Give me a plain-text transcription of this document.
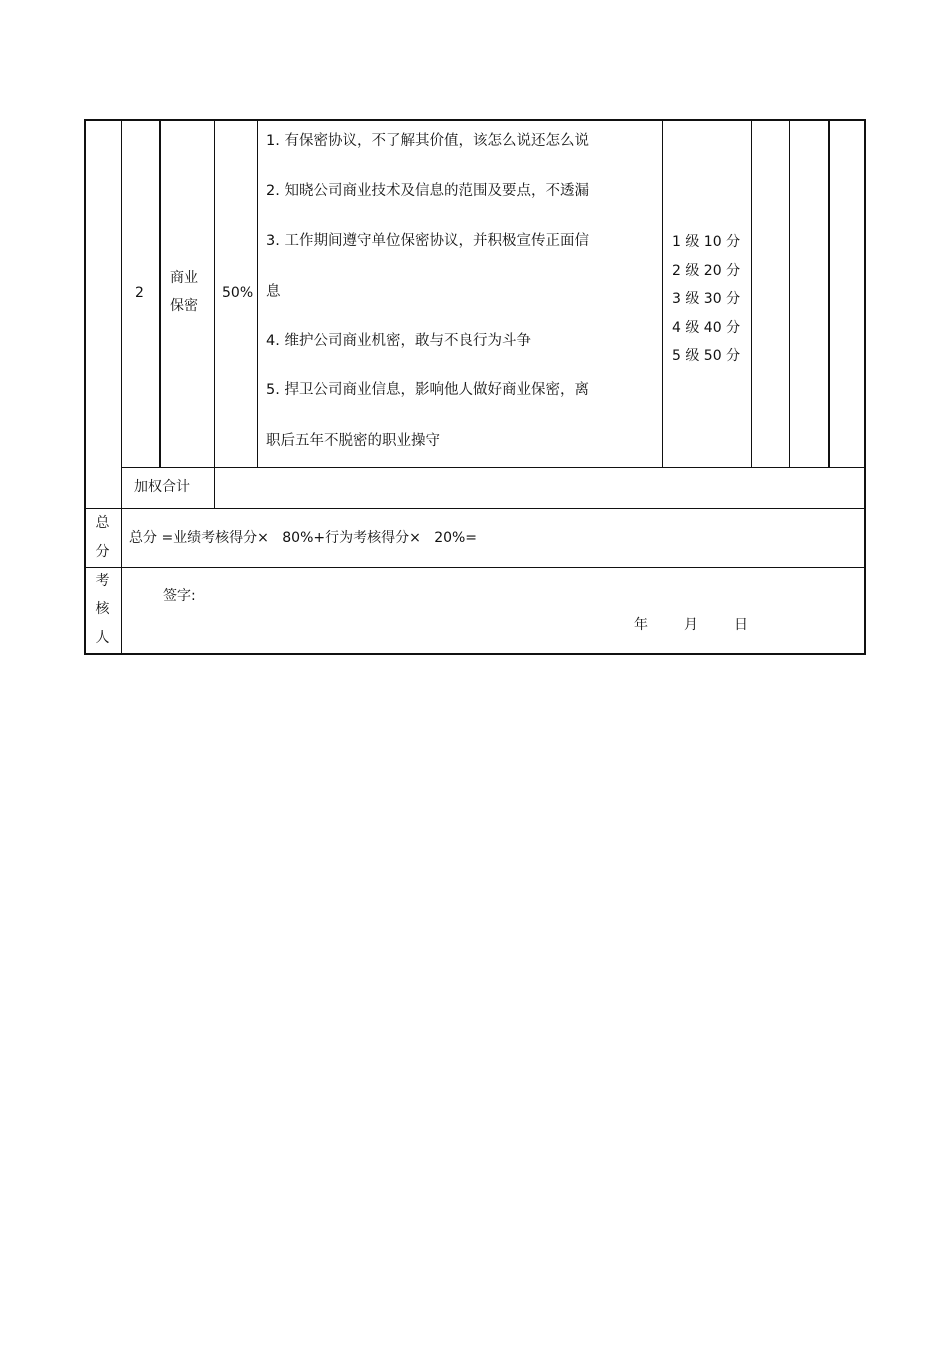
2
商业
保密
50%
1. 有保密协议，不了解其价值，该怎么说还怎么说
2. 知晓公司商业技术及信息的范围及要点，不透漏
3. 工作期间遵守单位保密协议，并积极宣传正面信
息
4. 维护公司商业机密，敢与不良行为斗争
5. 捍卫公司商业信息，影响他人做好商业保密，离
职后五年不脱密的职业操守
1 级 10 分
2 级 20 分
3 级 30 分
4 级 40 分
5 级 50 分
加权合计
总
分
总分 =业绩考核得分×   80%+行为考核得分×   20%=
考
核
人
签字:
年	月	日
